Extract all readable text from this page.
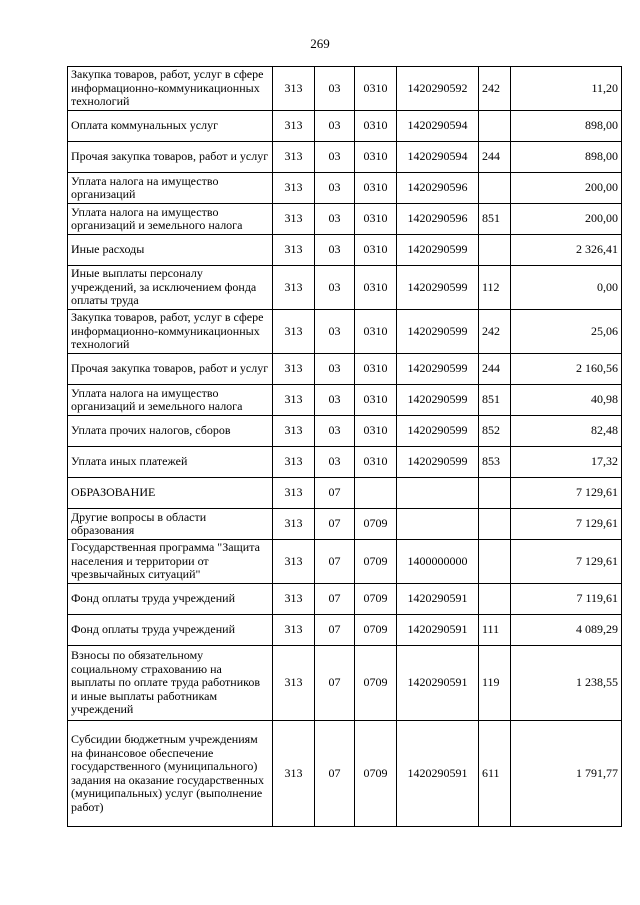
269
Закупка товаров, работ, услуг в сфере информационно-коммуникационных технологий	313	03	0310	1420290592	242	11,20
Оплата коммунальных услуг	313	03	0310	1420290594		898,00
Прочая закупка товаров, работ и услуг	313	03	0310	1420290594	244	898,00
Уплата налога на имущество организаций	313	03	0310	1420290596		200,00
Уплата налога на имущество организаций и земельного налога	313	03	0310	1420290596	851	200,00
Иные расходы	313	03	0310	1420290599		2 326,41
Иные выплаты персоналу учреждений, за исключением фонда оплаты труда	313	03	0310	1420290599	112	0,00
Закупка товаров, работ, услуг в сфере информационно-коммуникационных технологий	313	03	0310	1420290599	242	25,06
Прочая закупка товаров, работ и услуг	313	03	0310	1420290599	244	2 160,56
Уплата налога на имущество организаций и земельного налога	313	03	0310	1420290599	851	40,98
Уплата прочих налогов, сборов	313	03	0310	1420290599	852	82,48
Уплата иных платежей	313	03	0310	1420290599	853	17,32
ОБРАЗОВАНИЕ	313	07				7 129,61
Другие вопросы в области образования	313	07	0709			7 129,61
Государственная программа "Защита населения и территории от чрезвычайных ситуаций"	313	07	0709	1400000000		7 129,61
Фонд оплаты труда учреждений	313	07	0709	1420290591		7 119,61
Фонд оплаты труда учреждений	313	07	0709	1420290591	111	4 089,29
Взносы по обязательному социальному страхованию на выплаты по оплате труда работников и иные выплаты работникам учреждений	313	07	0709	1420290591	119	1 238,55
Субсидии бюджетным учреждениям на финансовое обеспечение государственного (муниципального) задания на оказание государственных (муниципальных) услуг (выполнение работ)	313	07	0709	1420290591	611	1 791,77
